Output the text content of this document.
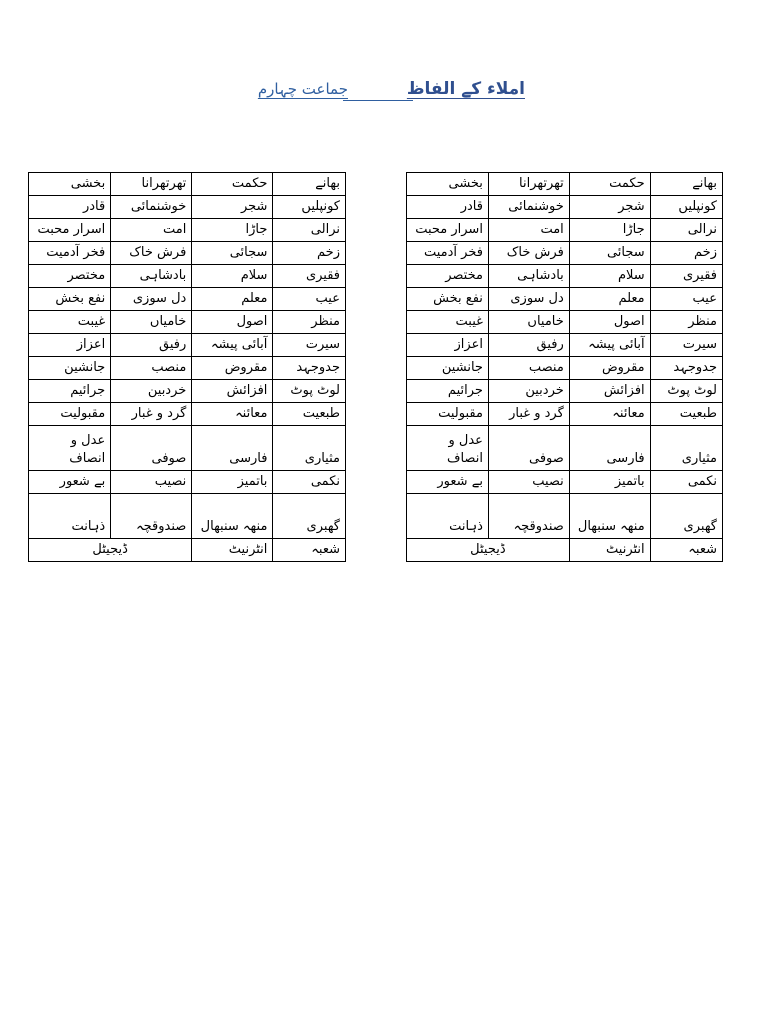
املاء کے الفاظ
جماعت چہارم
بھانے	حکمت	تھرتھرانا	بخشی
کونپلیں	شجر	خوشنمائی	قادر
نرالی	جاڑا	امت	اسرار محبت
زخم	سجائی	فرش خاک	فخر آدمیت
فقیری	سلام	بادشاہی	مختصر
عیب	معلم	دل سوزی	نفع بخش
منظر	اصول	خامیاں	غیبت
سیرت	آبائی پیشہ	رفیق	اعزاز
جدوجہد	مقروض	منصب	جانشین
لوٹ پوٹ	افزائش	خردبین	جرائیم
طبعیت	معائنہ	گرد و غبار	مقبولیت
مثیاری	فارسی	صوفی	عدل و انصاف
نکمی	باتمیز	نصیب	بے شعور
گھبری	منھہ سنبھال	صندوقچہ	ذہانت
شعبہ	انٹرنیٹ	ڈیجیٹل	
بھانے	حکمت	تھرتھرانا	بخشی
کونپلیں	شجر	خوشنمائی	قادر
نرالی	جاڑا	امت	اسرار محبت
زخم	سجائی	فرش خاک	فخر آدمیت
فقیری	سلام	بادشاہی	مختصر
عیب	معلم	دل سوزی	نفع بخش
منظر	اصول	خامیاں	غیبت
سیرت	آبائی پیشہ	رفیق	اعزاز
جدوجہد	مقروض	منصب	جانشین
لوٹ پوٹ	افزائش	خردبین	جرائیم
طبعیت	معائنہ	گرد و غبار	مقبولیت
مثیاری	فارسی	صوفی	عدل و انصاف
نکمی	باتمیز	نصیب	بے شعور
گھبری	منھہ سنبھال	صندوقچہ	ذہانت
شعبہ	انٹرنیٹ	ڈیجیٹل	
